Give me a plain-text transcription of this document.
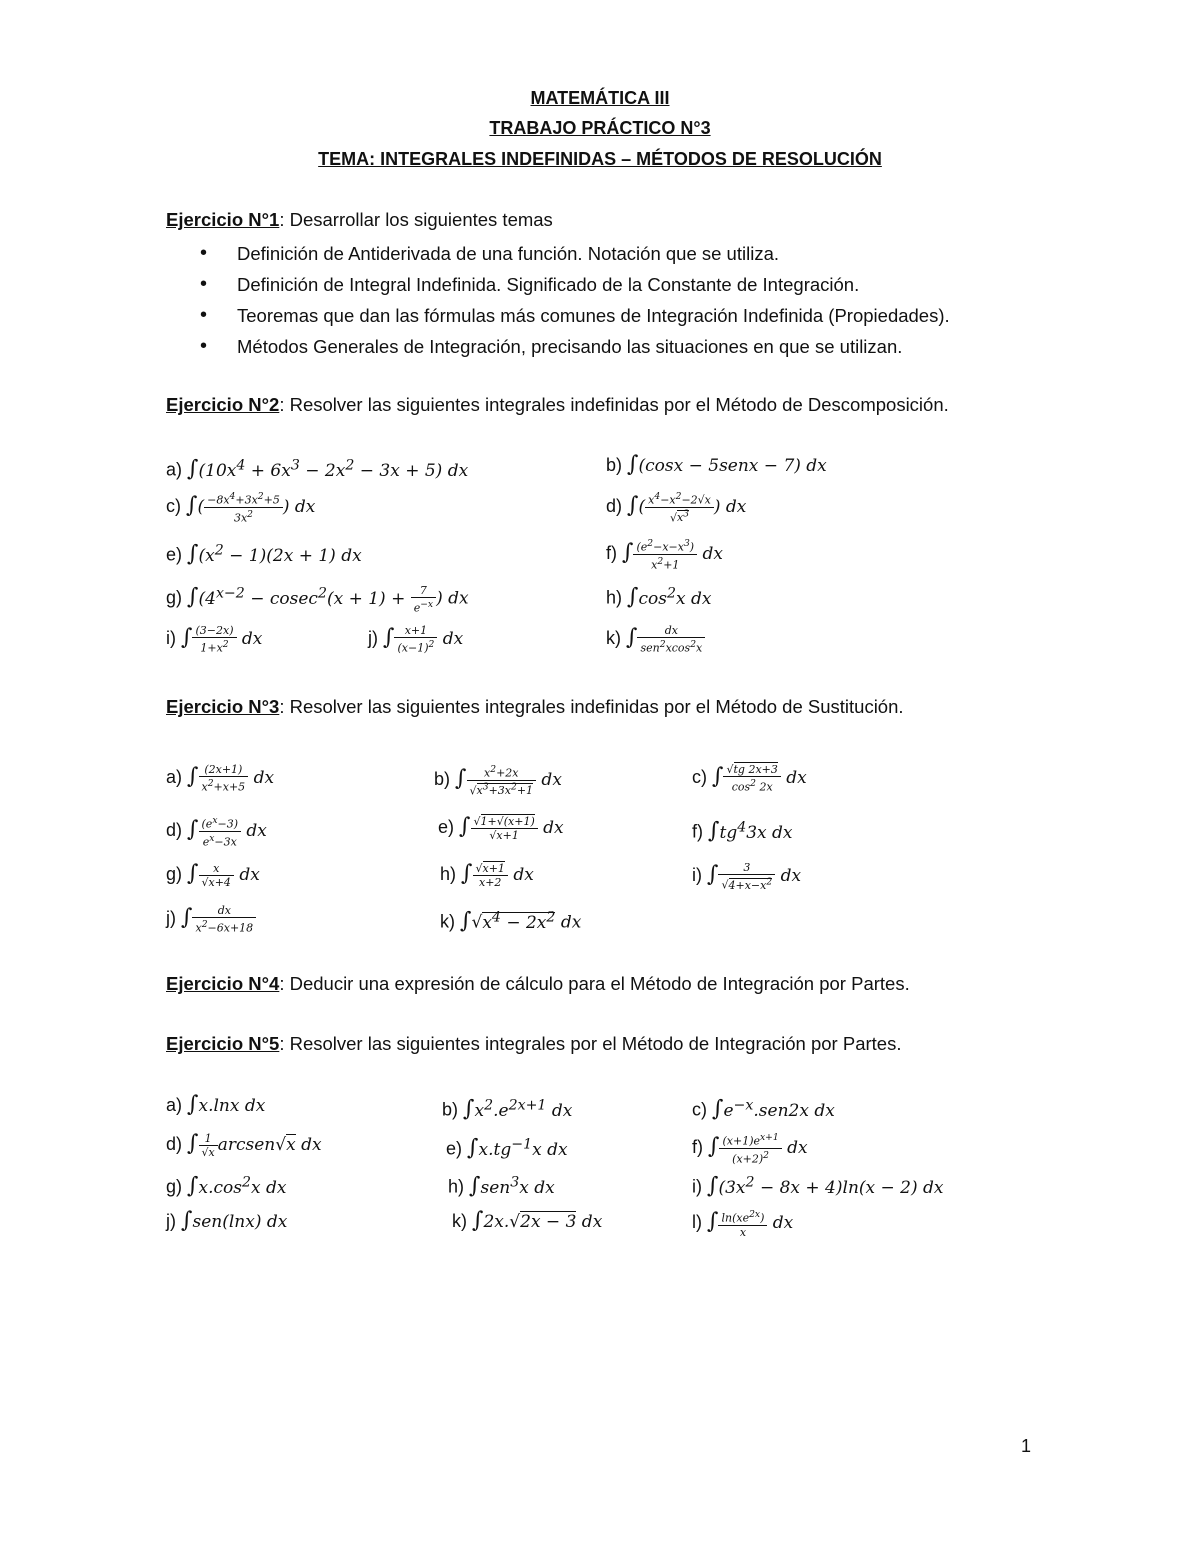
MATEMÁTICA III
TRABAJO PRÁCTICO N°3
TEMA: INTEGRALES INDEFINIDAS – MÉTODOS DE RESOLUCIÓN
Ejercicio N°1: Desarrollar los siguientes temas
• Definición de Antiderivada de una función. Notación que se utiliza.
• Definición de Integral Indefinida. Significado de la Constante de Integración.
• Teoremas que dan las fórmulas más comunes de Integración Indefinida (Propiedades).
• Métodos Generales de Integración, precisando las situaciones en que se utilizan.
Ejercicio N°2: Resolver las siguientes integrales indefinidas por el Método de Descomposición.
a) $\int(10x^4 + 6x^3 - 2x^2 - 3x + 5)$ dx	b) ∫(cosx − 5senx − 7) dx
c) ∫( $\frac{-8x^4+3x^2+5}{3x^2}$ ) dx	d) ∫( $\frac{x^4-x^2-2√x}{√x^3}$ ) dx
e) $\int(x^2 - 1)(2x + 1)$ dx	f) ∫ $\frac{(e^2-x-x^3)}{x^2+1}$ dx
g) $\int(4^{x-2} - cosec^2(x + 1) + \frac{7}{e^{-x}}$ ) dx	h) $\int\cos^2x$ dx
i) ∫ $\frac{(3-2x)}{1+x^2}$ dx	j) ∫ $\frac{x+1}{(x-1)^2}$ dx	k) ∫ $\frac{dx}{sen^2xcos^2x}$
Ejercicio N°3: Resolver las siguientes integrales indefinidas por el Método de Sustitución.
a) ∫ $\frac{(2x+1)}{x^2+x+5}$ dx	b) ∫ $\frac{x^2+2x}{√x^3+3x^2+1}$ dx	c) ∫ $\frac{√tg 2x+3}{\cos^2 2x}$ dx
d) ∫ $\frac{(e^x-3)}{e^x-3x}$ dx	e) ∫ $\frac{√1+√(x+1)}{√x+1}$ dx	f) $\int tg^43x$ dx
g) ∫ $\frac{x}{√x+4}$ dx	h) ∫ $\frac{√x+1}{x+2}$ dx	i) ∫ $\frac{3}{√4+x-x^2}$ dx
j) ∫ $\frac{dx}{x^2-6x+18}$	k) $\int√x^4 - 2x^2$ dx
Ejercicio N°4: Deducir una expresión de cálculo para el Método de Integración por Partes.
Ejercicio N°5: Resolver las siguientes integrales por el Método de Integración por Partes.
a) ∫x.lnx dx	b) $\int x^2.e^{2x+1}$ dx	c) $\int e^{-x}.sen2x$ dx
d) ∫ $\frac{1}{√x}$ arcsen√x dx	e) $\int x.tg^{-1}x$ dx	f) ∫ $\frac{(x+1)e^{x+1}}{(x+2)^2}$ dx
g) $\int x.\cos^2x$ dx	h) ∫sen$^3$x dx	i) $\int(3x^2 - 8x + 4)\ln(x - 2)$ dx
j) ∫sen(lnx) dx	k) ∫2x.√2x − 3 dx	l) ∫ $\frac{\ln(xe^{2x})}{x}$ dx
1
